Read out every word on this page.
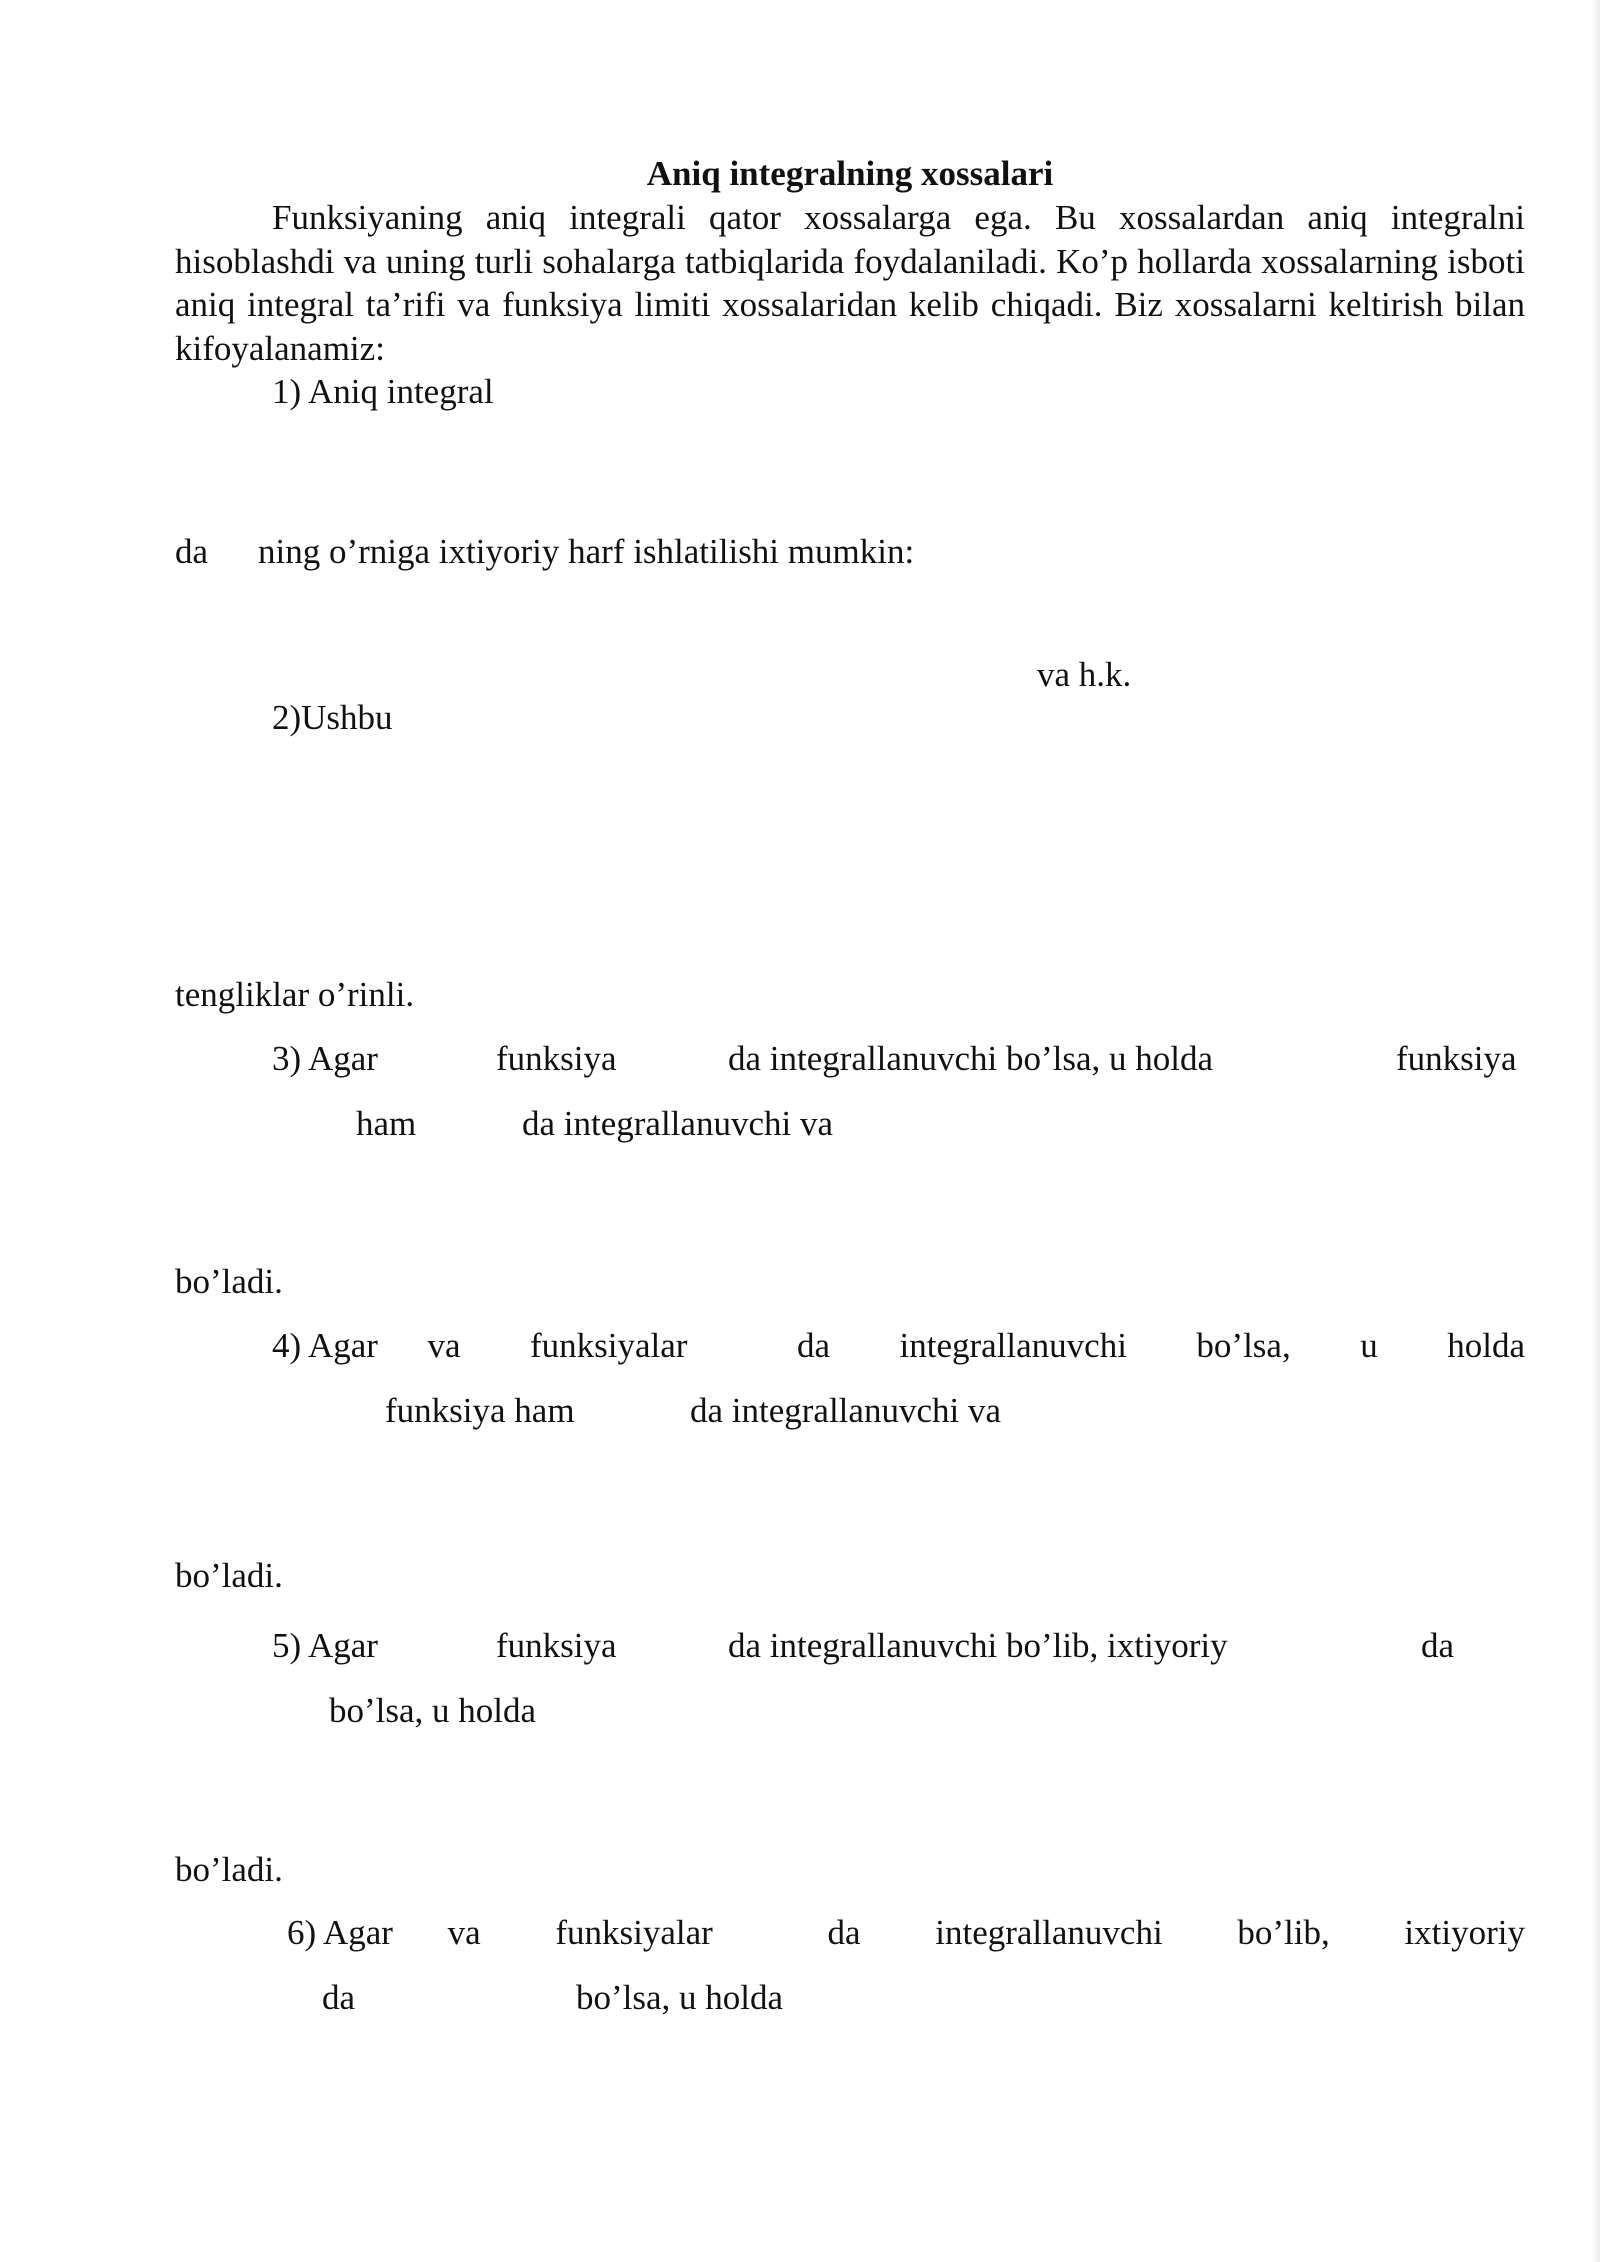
Aniq integralning xossalari

Funksiyaning aniq integrali qator xossalarga ega. Bu xossalardan aniq integralni hisoblashdi va uning turli sohalarga tatbiqlarida foydalaniladi. Ko’p hollarda xossalarning isboti aniq integral ta’rifi va funksiya limiti xossalaridan kelib chiqadi. Biz xossalarni keltirish bilan kifoyalanamiz:

1) Aniq integral
da ning o’rniga ixtiyoriy harf ishlatilishi mumkin:
va h.k.
2)Ushbu
tengliklar o’rinli.
3) Agar	funksiya	da integrallanuvchi bo’lsa, u holda	funksiya
ham	da integrallanuvchi va
bo’ladi.
4) Agar va funksiyalar	da integrallanuvchi bo’lsa, u holda
funksiya ham	da integrallanuvchi va
bo’ladi.
5) Agar	funksiya	da integrallanuvchi bo’lib, ixtiyoriy	da
bo’lsa, u holda
bo’ladi.
6) Agar va funksiyalar	da integrallanuvchi bo’lib, ixtiyoriy
da	bo’lsa, u holda
